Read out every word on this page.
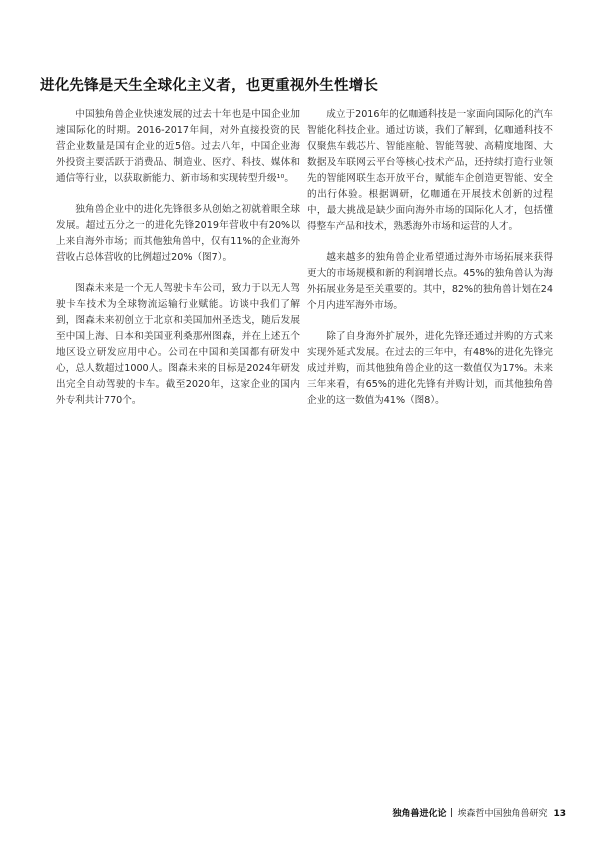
进化先锋是天生全球化主义者，也更重视外生性增长

中国独角兽企业快速发展的过去十年也是中国企业加速国际化的时期。2016-2017年间，对外直接投资的民营企业数量是国有企业的近5倍。过去八年，中国企业海外投资主要活跃于消费品、制造业、医疗、科技、媒体和通信等行业，以获取新能力、新市场和实现转型升级¹⁰。

独角兽企业中的进化先锋很多从创始之初就着眼全球发展。超过五分之一的进化先锋2019年营收中有20%以上来自海外市场；而其他独角兽中，仅有11%的企业海外营收占总体营收的比例超过20%（图7）。

图森未来是一个无人驾驶卡车公司，致力于以无人驾驶卡车技术为全球物流运输行业赋能。访谈中我们了解到，图森未来初创立于北京和美国加州圣迭戈，随后发展至中国上海、日本和美国亚利桑那州图森，并在上述五个地区设立研发应用中心。公司在中国和美国都有研发中心，总人数超过1000人。图森未来的目标是2024年研发出完全自动驾驶的卡车。截至2020年，这家企业的国内外专利共计770个。

成立于2016年的亿咖通科技是一家面向国际化的汽车智能化科技企业。通过访谈，我们了解到，亿咖通科技不仅聚焦车载芯片、智能座舱、智能驾驶、高精度地图、大数据及车联网云平台等核心技术产品，还持续打造行业领先的智能网联生态开放平台，赋能车企创造更智能、安全的出行体验。根据调研，亿咖通在开展技术创新的过程中，最大挑战是缺少面向海外市场的国际化人才，包括懂得整车产品和技术，熟悉海外市场和运营的人才。

越来越多的独角兽企业希望通过海外市场拓展来获得更大的市场规模和新的利润增长点。45%的独角兽认为海外拓展业务是至关重要的。其中，82%的独角兽计划在24个月内进军海外市场。

除了自身海外扩展外，进化先锋还通过并购的方式来实现外延式发展。在过去的三年中，有48%的进化先锋完成过并购，而其他独角兽企业的这一数值仅为17%。未来三年来看，有65%的进化先锋有并购计划，而其他独角兽企业的这一数值为41%（图8）。

独角兽进化论 埃森哲中国独角兽研究 13
